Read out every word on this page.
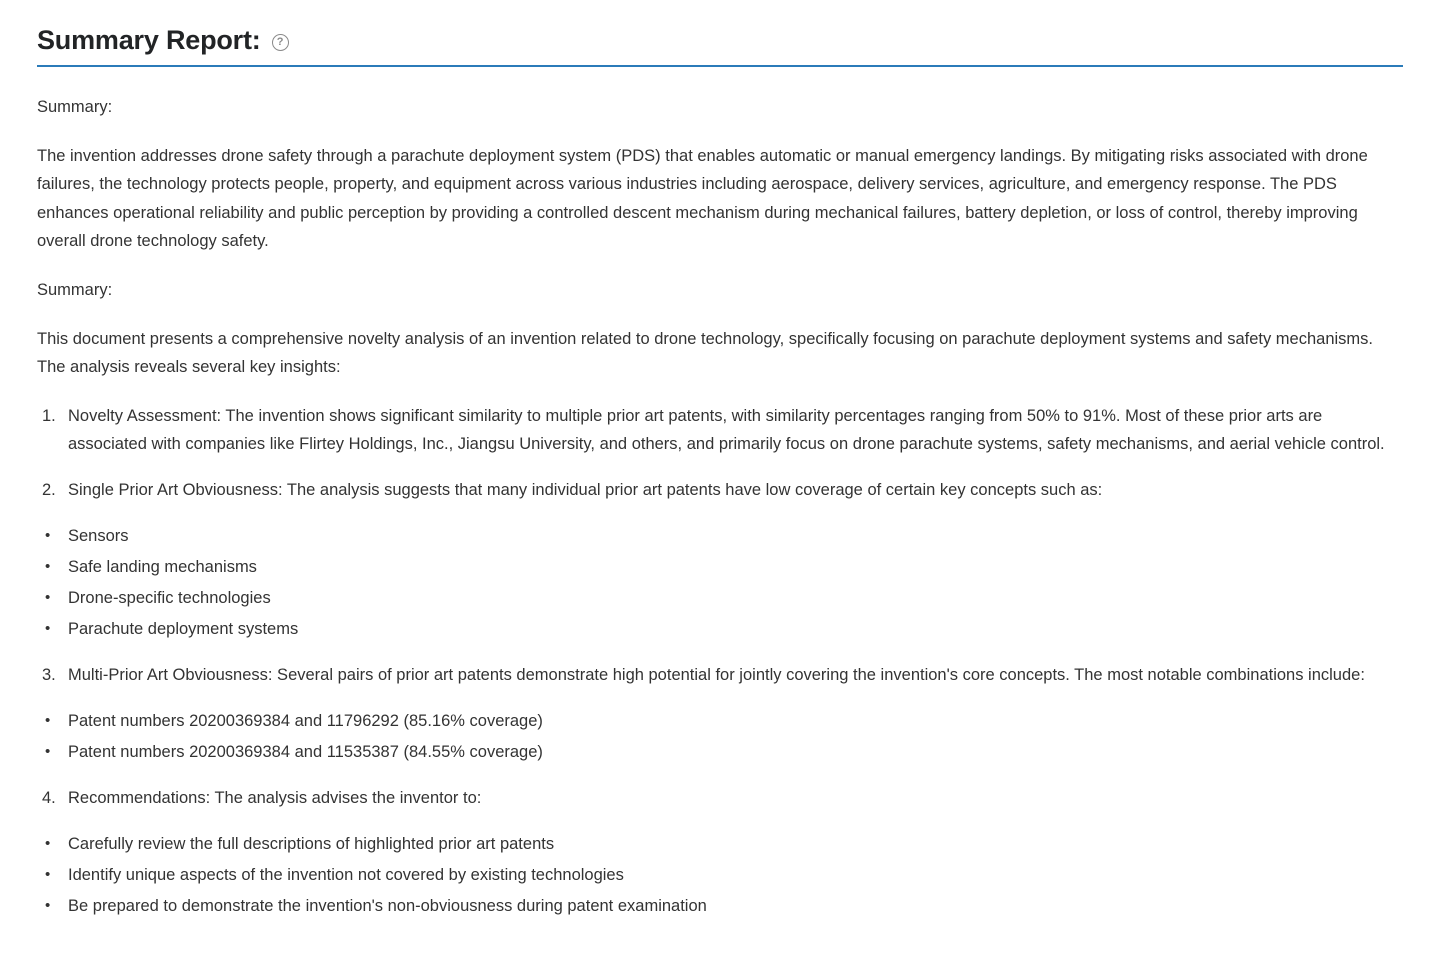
Summary Report:	?

Summary:

The invention addresses drone safety through a parachute deployment system (PDS) that enables automatic or manual emergency landings. By mitigating risks associated with drone failures, the technology protects people, property, and equipment across various industries including aerospace, delivery services, agriculture, and emergency response. The PDS enhances operational reliability and public perception by providing a controlled descent mechanism during mechanical failures, battery depletion, or loss of control, thereby improving overall drone technology safety.

Summary:

This document presents a comprehensive novelty analysis of an invention related to drone technology, specifically focusing on parachute deployment systems and safety mechanisms. The analysis reveals several key insights:

1. Novelty Assessment: The invention shows significant similarity to multiple prior art patents, with similarity percentages ranging from 50% to 91%. Most of these prior arts are associated with companies like Flirtey Holdings, Inc., Jiangsu University, and others, and primarily focus on drone parachute systems, safety mechanisms, and aerial vehicle control.
2. Single Prior Art Obviousness: The analysis suggests that many individual prior art patents have low coverage of certain key concepts such as:
•	Sensors
•	Safe landing mechanisms
•	Drone-specific technologies
•	Parachute deployment systems
3. Multi-Prior Art Obviousness: Several pairs of prior art patents demonstrate high potential for jointly covering the invention's core concepts. The most notable combinations include:
•	Patent numbers 20200369384 and 11796292 (85.16% coverage)
•	Patent numbers 20200369384 and 11535387 (84.55% coverage)
4. Recommendations: The analysis advises the inventor to:
•	Carefully review the full descriptions of highlighted prior art patents
•	Identify unique aspects of the invention not covered by existing technologies
•	Be prepared to demonstrate the invention's non-obviousness during patent examination
